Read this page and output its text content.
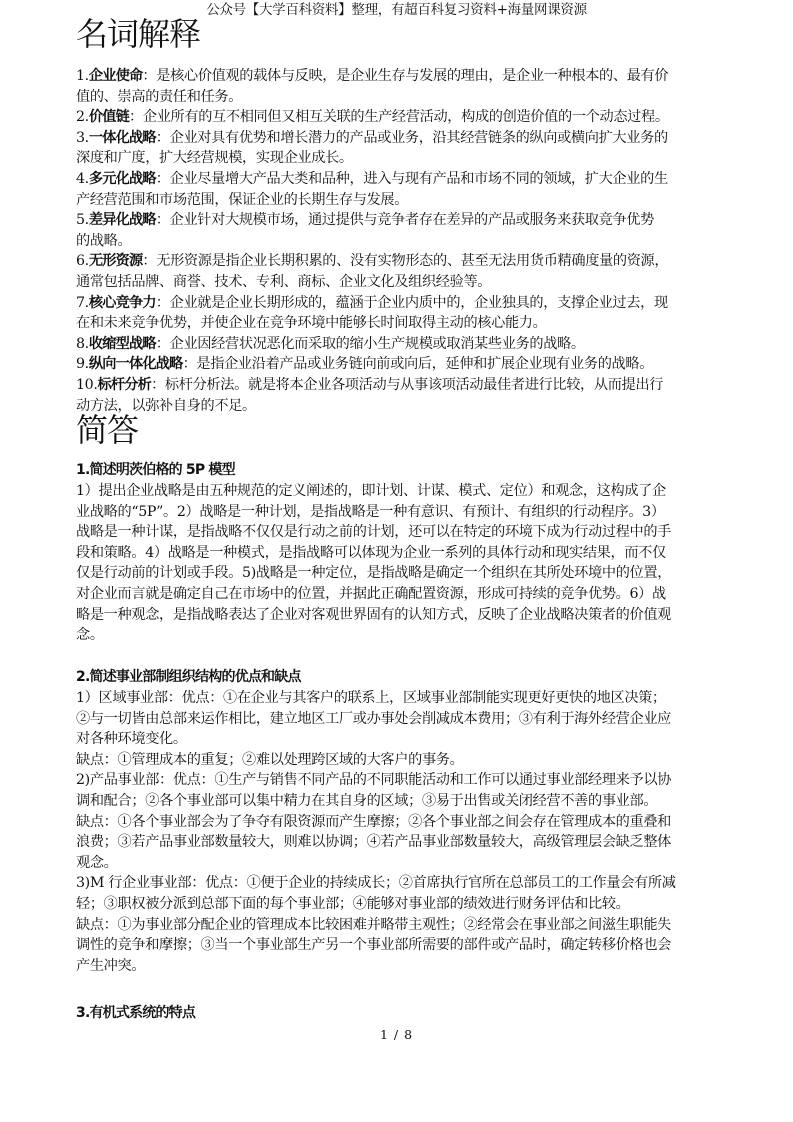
公众号【大学百科资料】整理，有超百科复习资料+海量网课资源
名词解释
1.企业使命：是核心价值观的载体与反映，是企业生存与发展的理由，是企业一种根本的、最有价
值的、崇高的责任和任务。
2.价值链：企业所有的互不相同但又相互关联的生产经营活动，构成的创造价值的一个动态过程。
3.一体化战略：企业对具有优势和增长潜力的产品或业务，沿其经营链条的纵向或横向扩大业务的
深度和广度，扩大经营规模，实现企业成长。
4.多元化战略：企业尽量增大产品大类和品种，进入与现有产品和市场不同的领域，扩大企业的生
产经营范围和市场范围，保证企业的长期生存与发展。
5.差异化战略：企业针对大规模市场，通过提供与竞争者存在差异的产品或服务来获取竞争优势
的战略。
6.无形资源：无形资源是指企业长期积累的、没有实物形态的、甚至无法用货币精确度量的资源，
通常包括品牌、商誉、技术、专利、商标、企业文化及组织经验等。
7.核心竞争力：企业就是企业长期形成的，蕴涵于企业内质中的，企业独具的，支撑企业过去，现
在和未来竞争优势，并使企业在竞争环境中能够长时间取得主动的核心能力。
8.收缩型战略：企业因经营状况恶化而采取的缩小生产规模或取消某些业务的战略。
9.纵向一体化战略：是指企业沿着产品或业务链向前或向后，延伸和扩展企业现有业务的战略。
10.标杆分析：标杆分析法。就是将本企业各项活动与从事该项活动最佳者进行比较，从而提出行
动方法，以弥补自身的不足。
简答
1.简述明茨伯格的 5P 模型
1）提出企业战略是由五种规范的定义阐述的，即计划、计谋、模式、定位）和观念，这构成了企
业战略的“5P”。2）战略是一种计划，是指战略是一种有意识、有预计、有组织的行动程序。3）
战略是一种计谋，是指战略不仅仅是行动之前的计划，还可以在特定的环境下成为行动过程中的手
段和策略。4）战略是一种模式，是指战略可以体现为企业一系列的具体行动和现实结果，而不仅
仅是行动前的计划或手段。5)战略是一种定位，是指战略是确定一个组织在其所处环境中的位置，
对企业而言就是确定自己在市场中的位置，并据此正确配置资源，形成可持续的竞争优势。6）战
略是一种观念，是指战略表达了企业对客观世界固有的认知方式，反映了企业战略决策者的价值观
念。
2.简述事业部制组织结构的优点和缺点
1）区域事业部：优点：①在企业与其客户的联系上，区域事业部制能实现更好更快的地区决策；
②与一切皆由总部来运作相比，建立地区工厂或办事处会削减成本费用；③有利于海外经营企业应
对各种环境变化。
缺点：①管理成本的重复；②难以处理跨区域的大客户的事务。
2)产品事业部：优点：①生产与销售不同产品的不同职能活动和工作可以通过事业部经理来予以协
调和配合；②各个事业部可以集中精力在其自身的区域；③易于出售或关闭经营不善的事业部。
缺点：①各个事业部会为了争夺有限资源而产生摩擦；②各个事业部之间会存在管理成本的重叠和
浪费；③若产品事业部数量较大，则难以协调；④若产品事业部数量较大，高级管理层会缺乏整体
观念。
3)M 行企业事业部：优点：①便于企业的持续成长；②首席执行官所在总部员工的工作量会有所减
轻；③职权被分派到总部下面的每个事业部；④能够对事业部的绩效进行财务评估和比较。
缺点：①为事业部分配企业的管理成本比较困难并略带主观性；②经常会在事业部之间滋生职能失
调性的竞争和摩擦；③当一个事业部生产另一个事业部所需要的部件或产品时，确定转移价格也会
产生冲突。
3.有机式系统的特点
1 / 8
